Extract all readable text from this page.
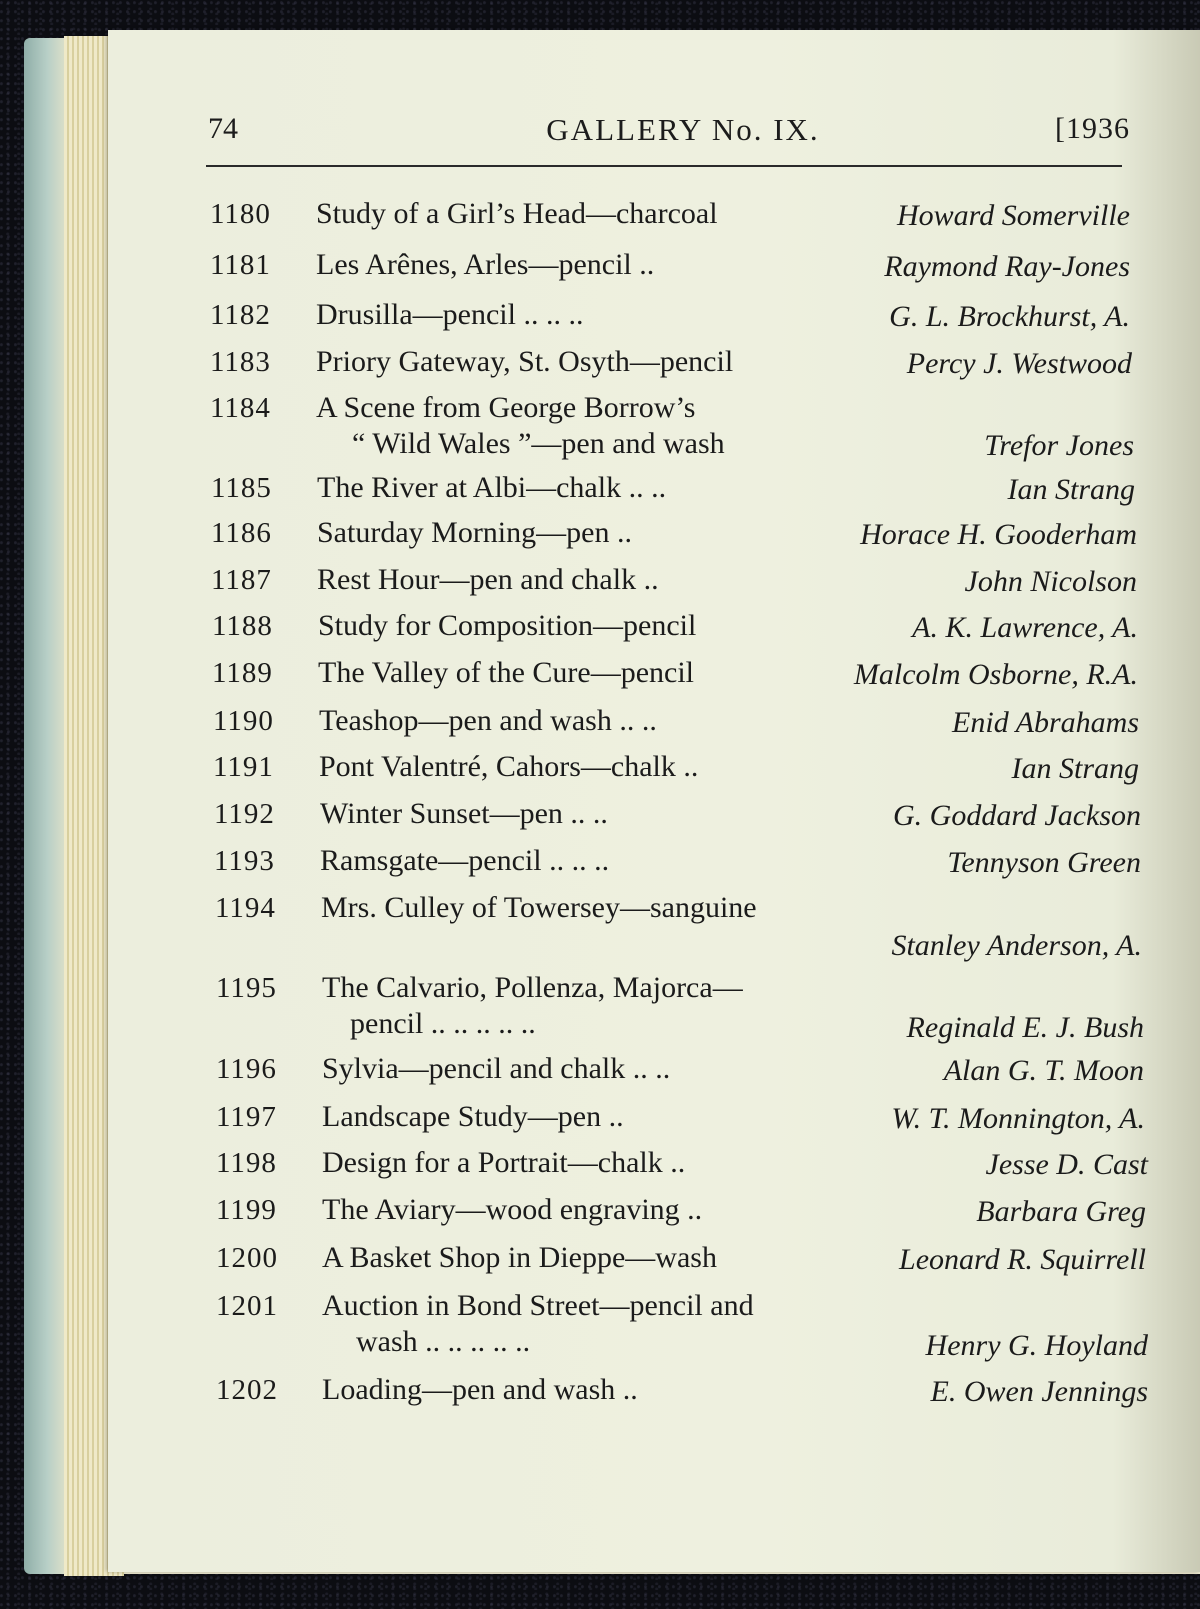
74	GALLERY No. IX.	[1936
1180 Study of a Girl’s Head—charcoal	Howard Somerville
1181 Les Arênes, Arles—pencil ..	Raymond Ray-Jones
1182 Drusilla—pencil .. .. ..	G. L. Brockhurst, A.
1183 Priory Gateway, St. Osyth—pencil	Percy J. Westwood
1184 A Scene from George Borrow’s
“ Wild Wales ”—pen and wash	Trefor Jones
1185 The River at Albi—chalk .. ..	Ian Strang
1186 Saturday Morning—pen ..	Horace H. Gooderham
1187 Rest Hour—pen and chalk ..	John Nicolson
1188 Study for Composition—pencil	A. K. Lawrence, A.
1189 The Valley of the Cure—pencil	Malcolm Osborne, R.A.
1190 Teashop—pen and wash .. ..	Enid Abrahams
1191 Pont Valentré, Cahors—chalk ..	Ian Strang
1192 Winter Sunset—pen .. ..	G. Goddard Jackson
1193 Ramsgate—pencil .. .. ..	Tennyson Green
1194 Mrs. Culley of Towersey—sanguine
Stanley Anderson, A.
1195 The Calvario, Pollenza, Majorca—
pencil .. .. .. .. ..	Reginald E. J. Bush
1196 Sylvia—pencil and chalk .. ..	Alan G. T. Moon
1197 Landscape Study—pen ..	W. T. Monnington, A.
1198 Design for a Portrait—chalk ..	Jesse D. Cast
1199 The Aviary—wood engraving ..	Barbara Greg
1200 A Basket Shop in Dieppe—wash	Leonard R. Squirrell
1201 Auction in Bond Street—pencil and
wash .. .. .. .. ..	Henry G. Hoyland
1202 Loading—pen and wash ..	E. Owen Jennings
